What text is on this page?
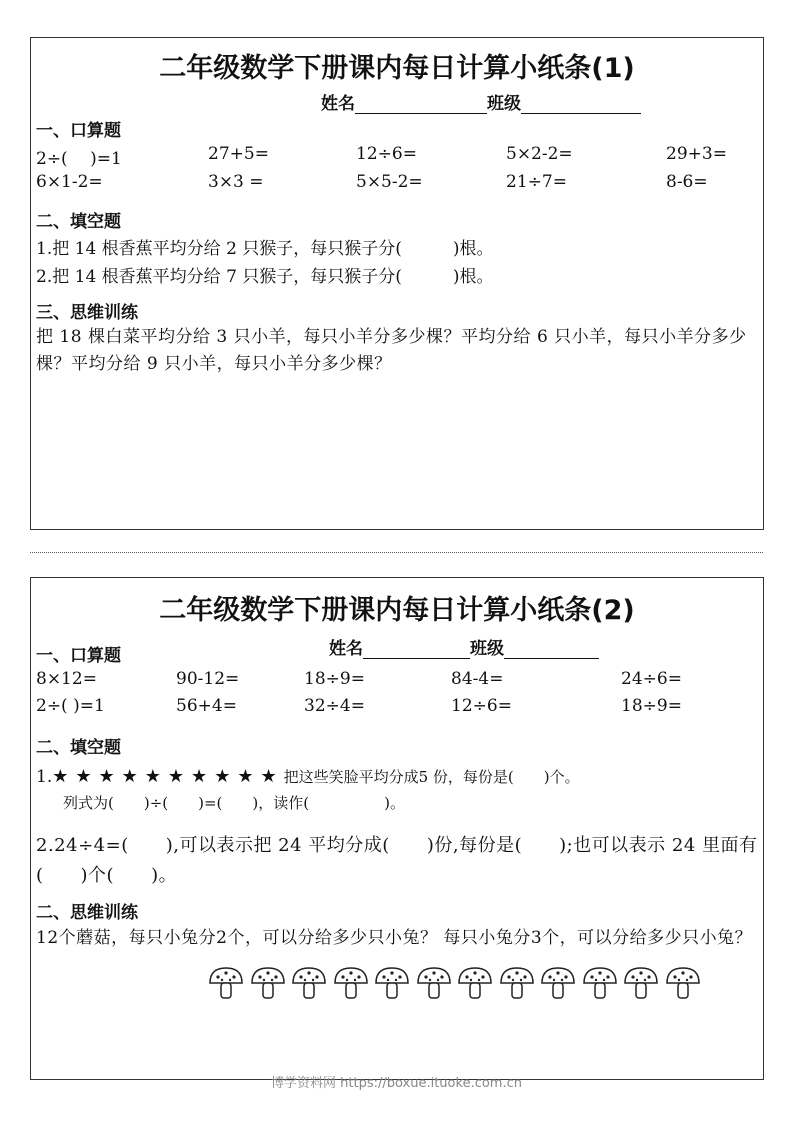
二年级数学下册课内每日计算小纸条(1)
姓名	班级
一、口算题
2÷(　 )=1	27+5=	12÷6=	5×2-2=	29+3=
6×1-2=	3×3 =	5×5-2=	21÷7=	8-6=
二、填空题
1.把 14 根香蕉平均分给 2 只猴子，每只猴子分(　　　)根。
2.把 14 根香蕉平均分给 7 只猴子，每只猴子分(　　　)根。
三、思维训练
把 18 棵白菜平均分给 3 只小羊，每只小羊分多少棵？平均分给 6 只小羊，每只小羊分多少棵？平均分给 9 只小羊，每只小羊分多少棵？
二年级数学下册课内每日计算小纸条(2)
姓名	班级
一、口算题
8×12=	90-12=	18÷9=	84-4=	24÷6=
2÷( )=1	56+4=	32÷4=	12÷6=	18÷9=
二、填空题
1.★★★★★★★★★★把这些笑脸平均分成5 份，每份是(　　)个。
列式为(　　)÷(　　)=(　　)，读作(　　　　　)。
2.24÷4=(　　),可以表示把 24 平均分成(　　)份,每份是(　　);也可以表示 24 里面有(　　)个(　　)。
二、思维训练
12个蘑菇，每只小兔分2个，可以分给多少只小兔？ 每只小兔分3个，可以分给多少只小兔？
博学资料网 https://boxue.ituoke.com.cn
